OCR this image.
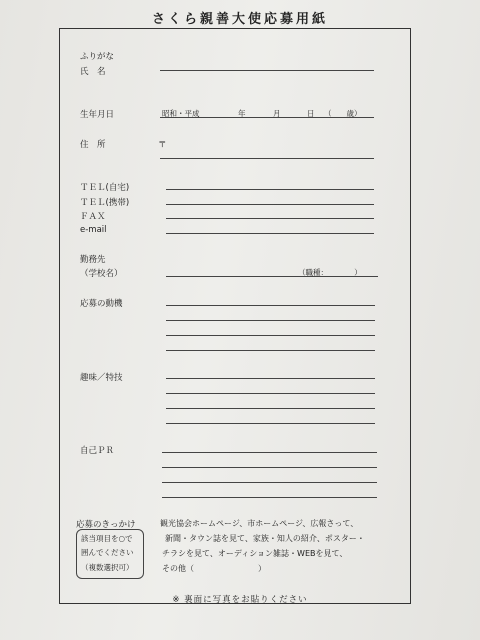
さくら親善大使応募用紙
ふりがな
氏　名
生年月日	昭和・平成	年	月	日 （　　歳）
住　所	〒
ＴＥＬ(自宅)
ＴＥＬ(携帯)
ＦＡＸ
e-mail
勤務先
（学校名）	（職種：　　　　）
応募の動機
趣味／特技
自己ＰＲ
応募のきっかけ
該当項目を○で
囲んでください
（複数選択可）
観光協会ホームページ、市ホームページ、広報さって、
新聞・タウン誌を見て、家族・知人の紹介、ポスター・
チラシを見て、オーディション雑誌・WEBを見て、
その他（　　　　　　　　）
※ 裏面に写真をお貼りください
